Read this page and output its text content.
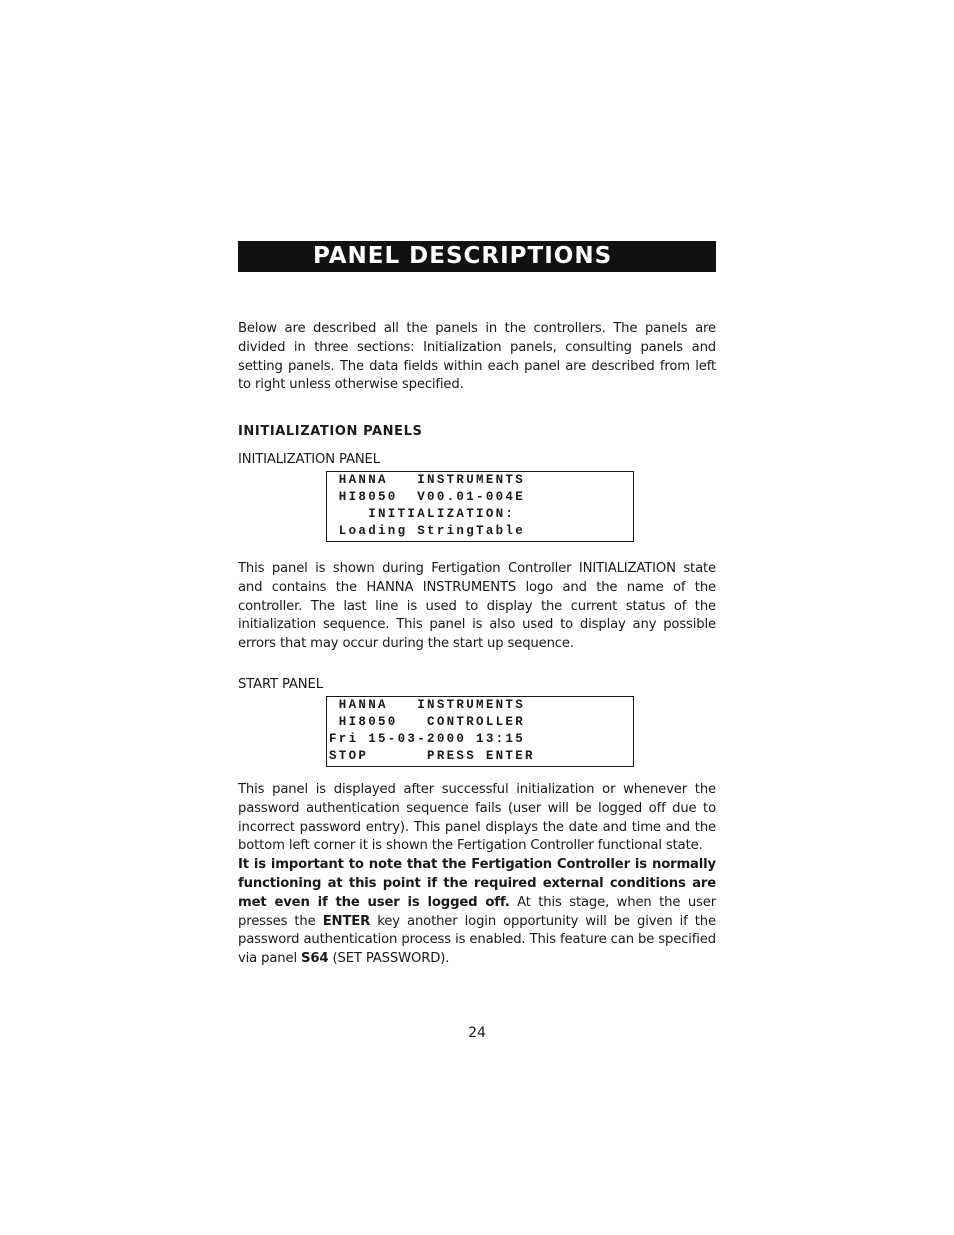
PANEL DESCRIPTIONS

Below are described all the panels in the controllers. The panels are divided in three sections: Initialization panels, consulting panels and setting panels. The data fields within each panel are described from left to right unless otherwise specified.

INITIALIZATION PANELS

INITIALIZATION PANEL

HANNA   INSTRUMENTS
HI8050  V00.01-004E
INITIALIZATION:
Loading StringTable

This panel is shown during Fertigation Controller INITIALIZATION state and contains the HANNA INSTRUMENTS logo and the name of the controller. The last line is used to display the current status of the initialization sequence. This panel is also used to display any possible errors that may occur during the start up sequence.

START PANEL

HANNA   INSTRUMENTS
HI8050   CONTROLLER
Fri 15-03-2000 13:15
STOP      PRESS ENTER

This panel is displayed after successful initialization or whenever the password authentication sequence fails (user will be logged off due to incorrect password entry). This panel displays the date and time and the bottom left corner it is shown the Fertigation Controller functional state.
It is important to note that the Fertigation Controller is normally functioning at this point if the required external conditions are met even if the user is logged off. At this stage, when the user presses the ENTER key another login opportunity will be given if the password authentication process is enabled. This feature can be specified via panel S64 (SET PASSWORD).

24
